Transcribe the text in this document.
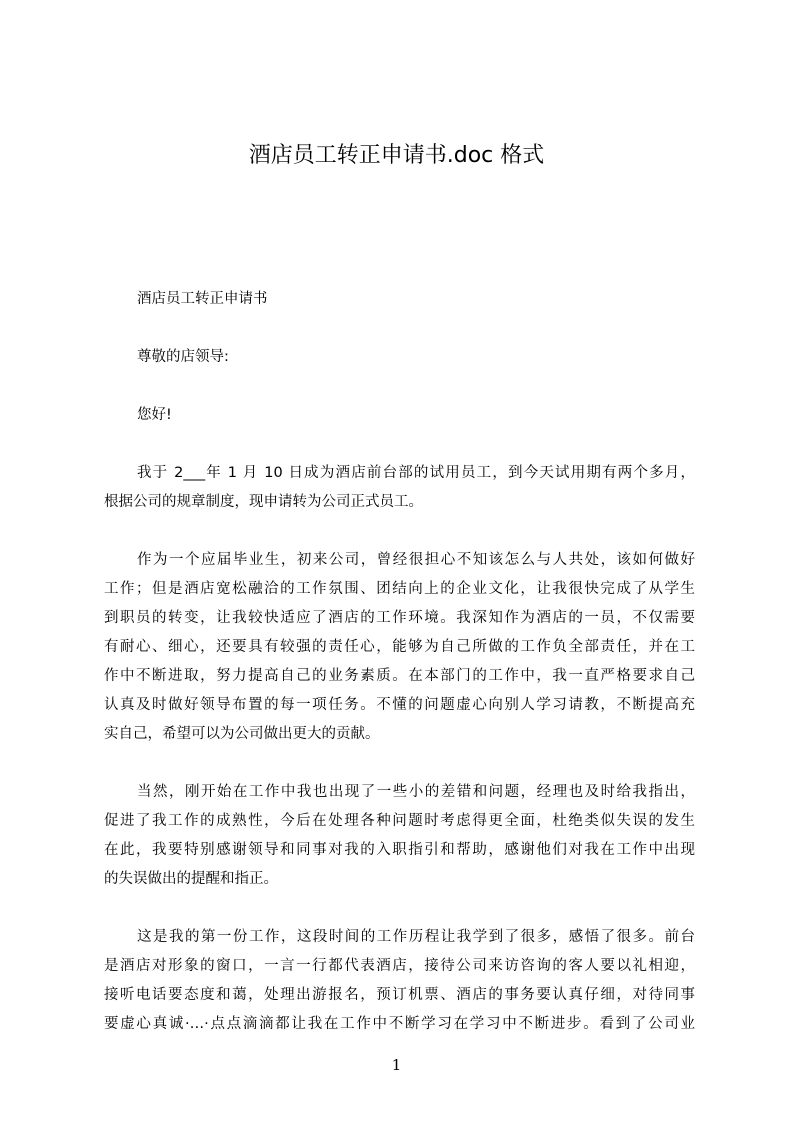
酒店员工转正申请书.doc 格式
酒店员工转正申请书
尊敬的店领导:
您好!
我于 2___年 1 月 10 日成为酒店前台部的试用员工，到今天试用期有两个多月，
根据公司的规章制度，现申请转为公司正式员工。
作为一个应届毕业生，初来公司，曾经很担心不知该怎么与人共处，该如何做好
工作；但是酒店宽松融洽的工作氛围、团结向上的企业文化，让我很快完成了从学生
到职员的转变，让我较快适应了酒店的工作环境。我深知作为酒店的一员，不仅需要
有耐心、细心，还要具有较强的责任心，能够为自己所做的工作负全部责任，并在工
作中不断进取，努力提高自己的业务素质。在本部门的工作中，我一直严格要求自己
认真及时做好领导布置的每一项任务。不懂的问题虚心向别人学习请教，不断提高充
实自己，希望可以为公司做出更大的贡献。
当然，刚开始在工作中我也出现了一些小的差错和问题，经理也及时给我指出，
促进了我工作的成熟性，今后在处理各种问题时考虑得更全面，杜绝类似失误的发生
在此，我要特别感谢领导和同事对我的入职指引和帮助，感谢他们对我在工作中出现
的失误做出的提醒和指正。
这是我的第一份工作，这段时间的工作历程让我学到了很多，感悟了很多。前台
是酒店对形象的窗口，一言一行都代表酒店，接待公司来访咨询的客人要以礼相迎，
接听电话要态度和蔼，处理出游报名，预订机票、酒店的事务要认真仔细，对待同事
要虚心真诚·…·点点滴滴都让我在工作中不断学习在学习中不断进步。看到了公司业
1
